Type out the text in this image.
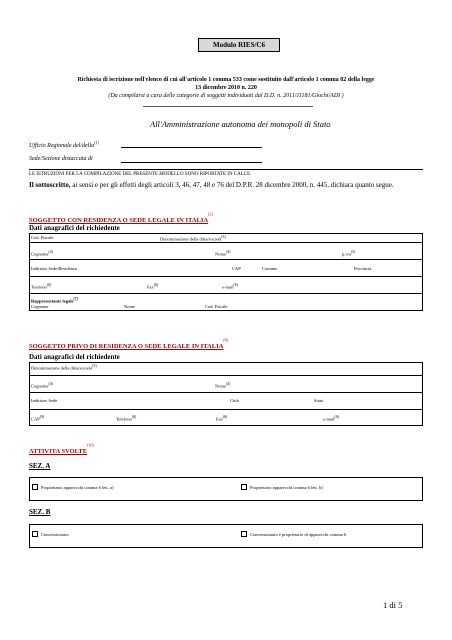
Modulo RIES/C6
Richiesta di iscrizione nell'elenco di cui all'articolo 1 comma 533 come sostituito dall'articolo 1 comma 82 della legge
13 dicembre 2010 n. 220
(Da compilarsi a cura delle categorie di soggetti individuati dal D.D. n. 2011/11181/Giochi/ADI )
All'Amministrazione autonoma dei monopoli di Stato
Ufficio Regionale del/della$^{(1)}$
Sede/Sezione distaccata di
LE ISTRUZIONI PER LA COMPILAZIONE DEL PRESENTE MODELLO SONO RIPORTATE IN CALCE.
Il sottoscritto, ai sensi e per gli effetti degli articoli 3, 46, 47, 48 e 76 del D.P.R. 28 dicembre 2000, n. 445, dichiara quanto segue.
SOGGETTO CON RESIDENZA O SEDE LEGALE IN ITALIA$^{(2)}$
Dati anagrafici del richiedente
Cod. Fiscale	Denominazione della ditta/società$^{(3)}$
Cognome$^{(4)}$	Nome$^{(4)}$	p.iva$^{(5)}$
Indirizzo Sede/Residenza	CAP	Comune	Provincia
Telefono$^{(6)}$	Fax$^{(6)}$	e-mail$^{(6)}$
Rappresentante legale$^{(7)}$
Cognome	Nome	Cod. Fiscale
SOGGETTO PRIVO DI RESIDENZA O SEDE LEGALE IN ITALIA$^{(8)}$
Dati anagrafici del richiedente
Denominazione della ditta/società$^{(3)}$
Cognome$^{(4)}$	Nome$^{(4)}$
Indirizzo Sede	Città	Stato
CAP$^{(9)}$	Telefono$^{(6)}$	Fax$^{(6)}$	e-mail$^{(6)}$
ATTIVITA SVOLTE$^{(10)}$
SEZ. A
Proprietario apparecchi comma 6 lett. a)	Proprietario apparecchi comma 6 lett. b)
SEZ. B
Concessionario	Concessionario e proprietario di apparecchi comma 6
1 di 5
